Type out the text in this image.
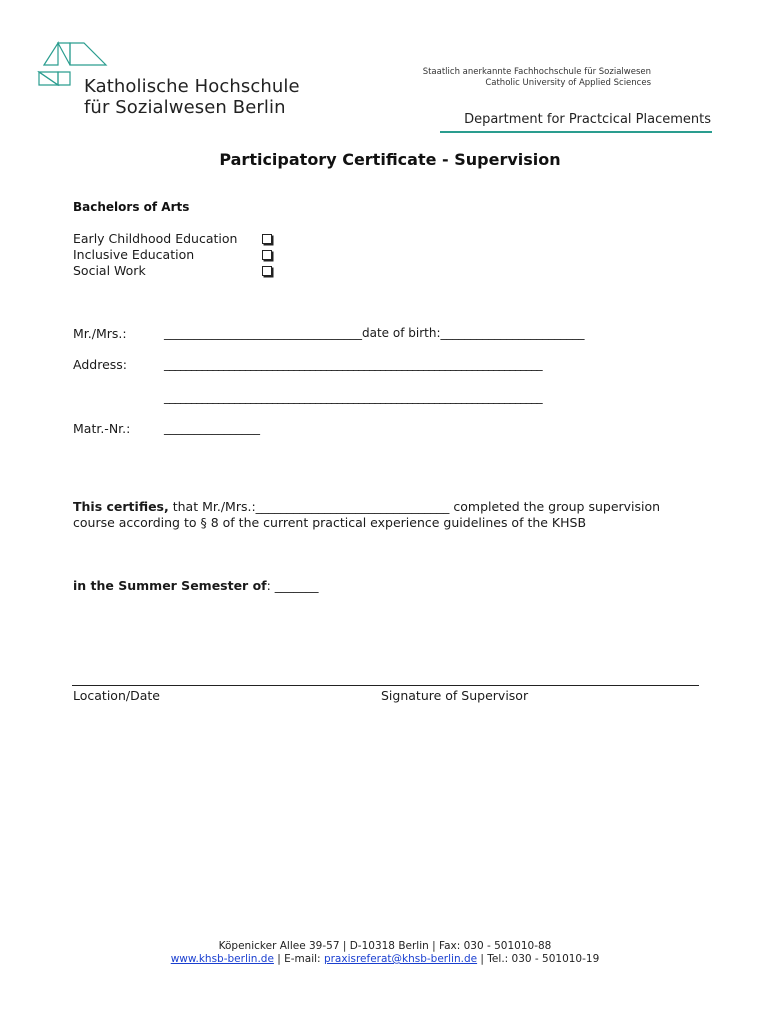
Katholische Hochschule
für Sozialwesen Berlin
Staatlich anerkannte Fachhochschule für Sozialwesen
Catholic University of Applied Sciences
Department for Practcical Placements
Participatory Certificate - Supervision
Bachelors of Arts
Early Childhood Education
Inclusive Education
Social Work
Mr./Mrs.:	_________________________________date of birth:________________________
Address:	______________________________________________________________________
______________________________________________________________________
Matr.-Nr.:	________________
This certifies, that Mr./Mrs.:_______________________________ completed the group supervision
course according to § 8 of the current practical experience guidelines of the KHSB
in the Summer Semester of: _______
Location/Date	Signature of Supervisor
Köpenicker Allee 39-57 | D-10318 Berlin | Fax: 030 - 501010-88
www.khsb-berlin.de | E-mail: praxisreferat@khsb-berlin.de | Tel.: 030 - 501010-19
